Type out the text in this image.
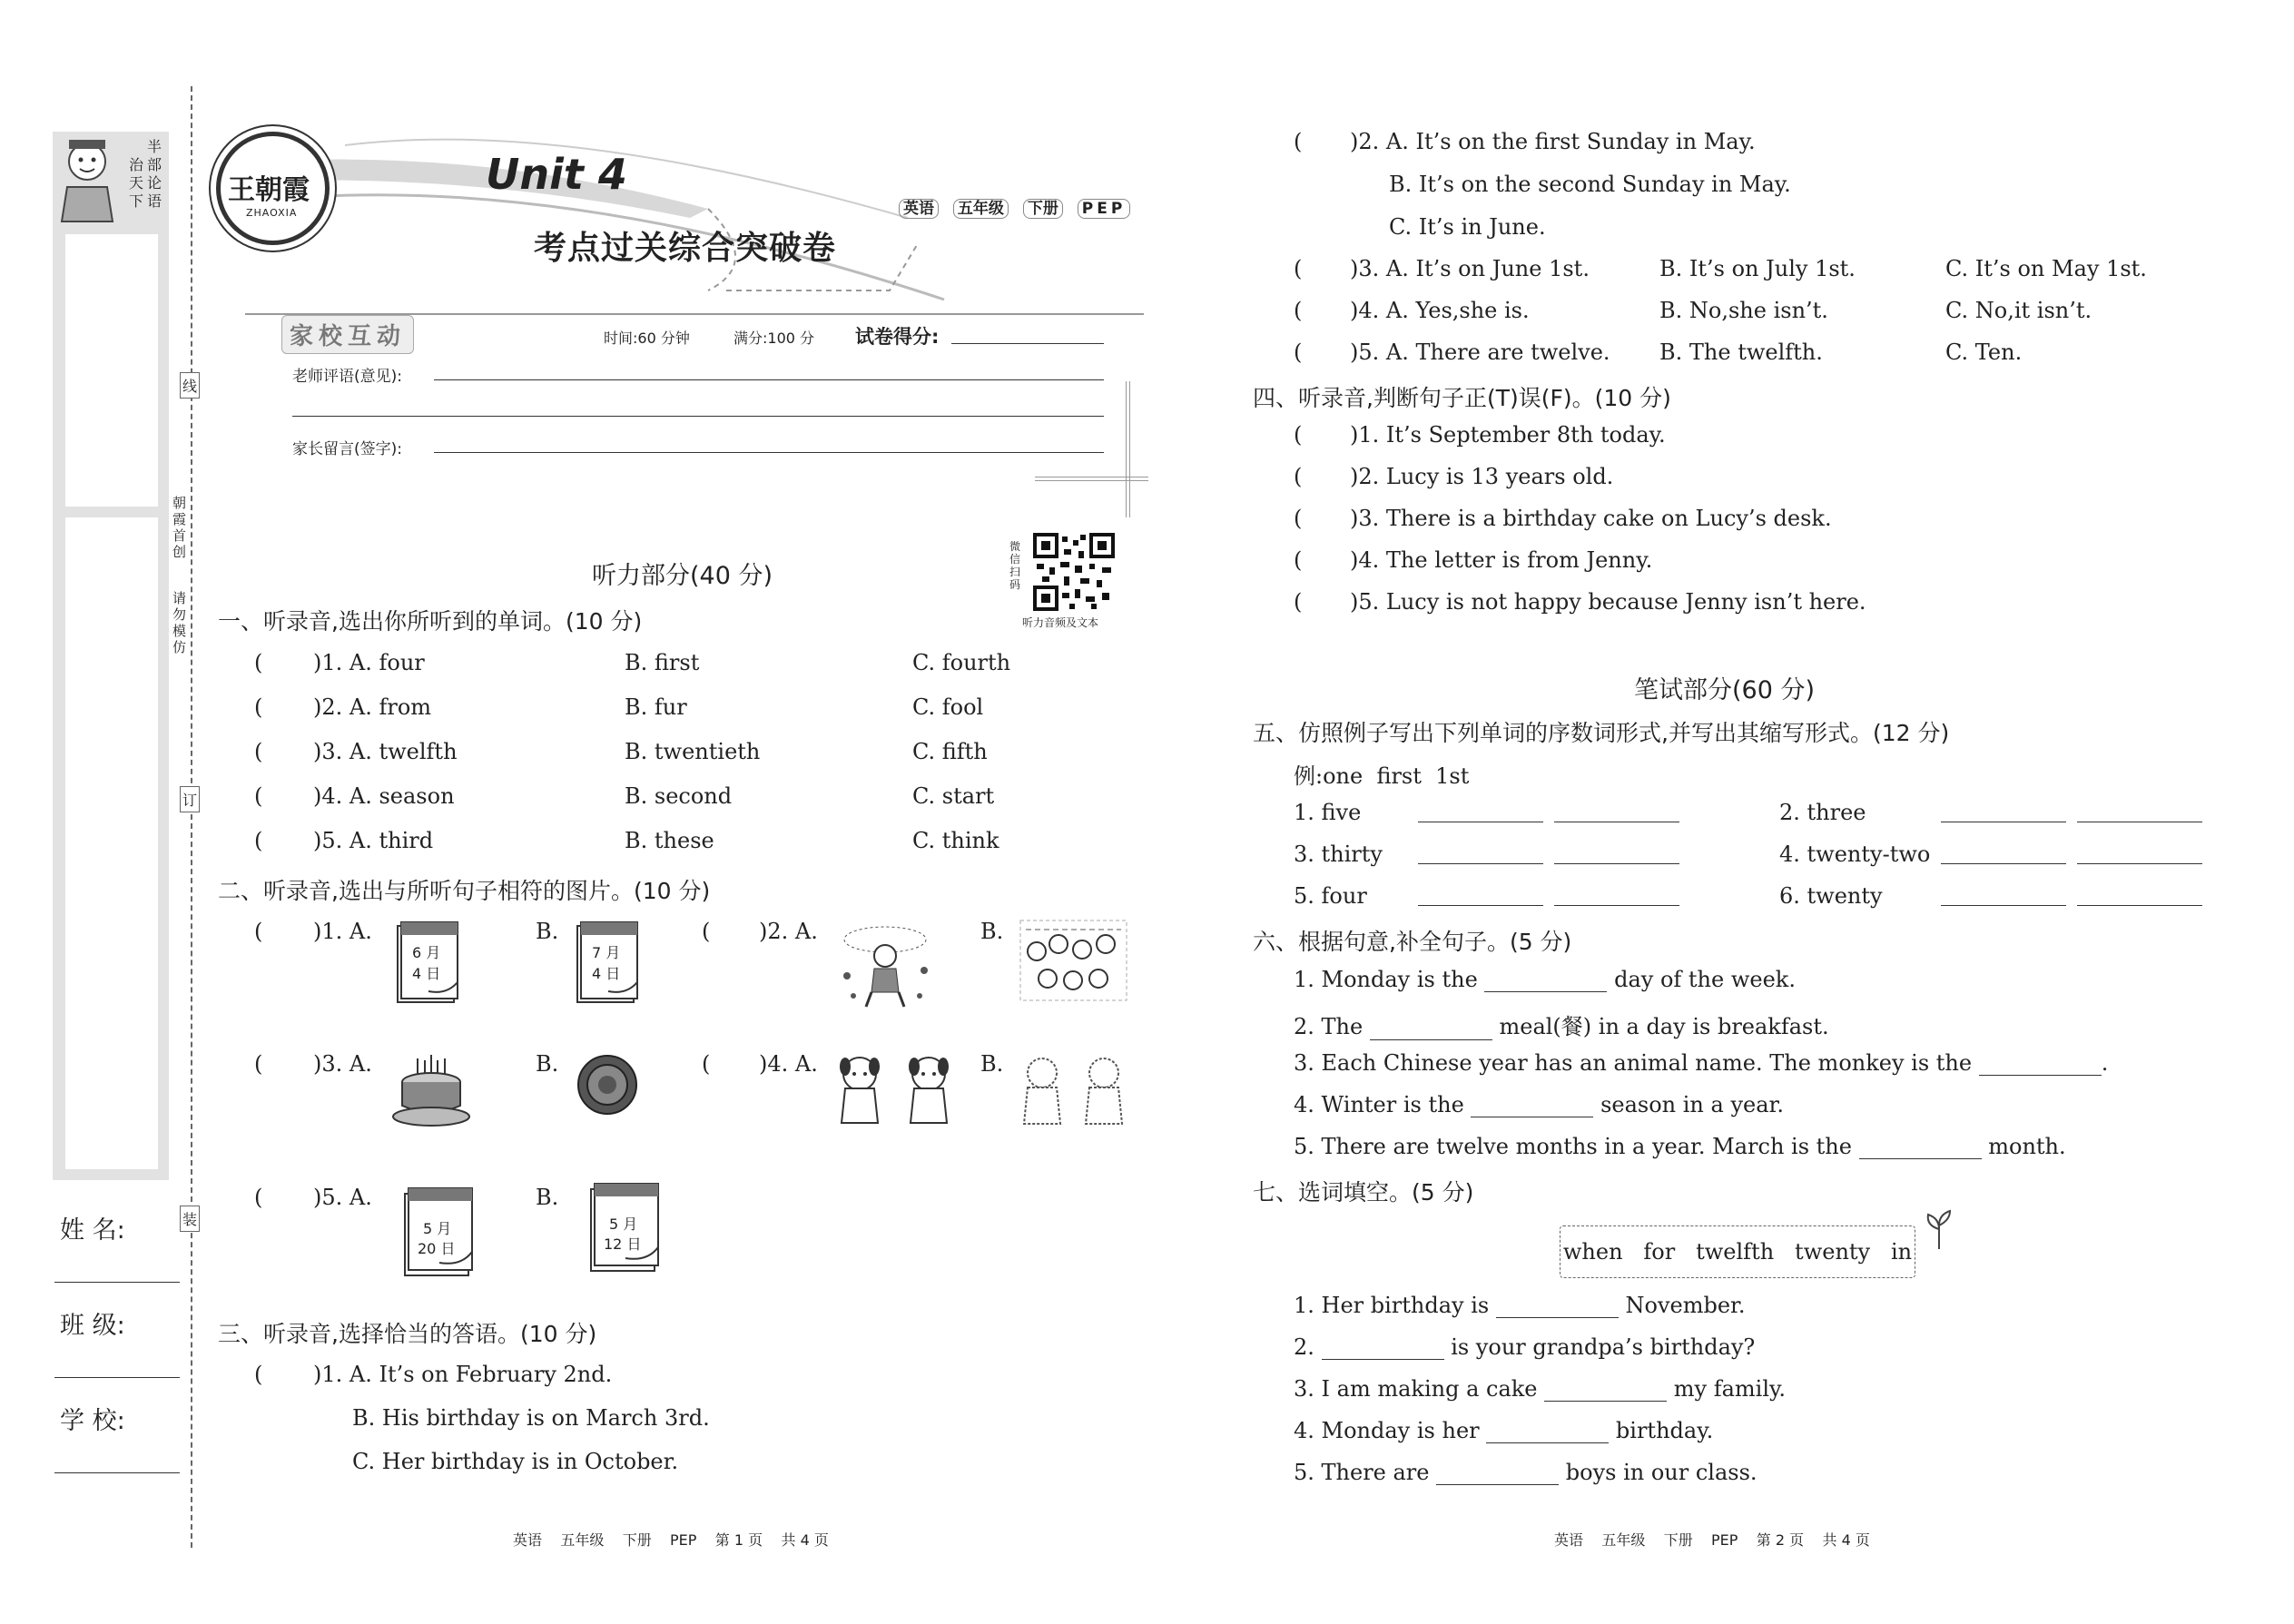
半
部
论
语
治
天
下
姓 名:
班 级:
学 校:
线
订
装
朝霞首创
请勿模仿
王朝霞
ZHAOXIA
Unit 4
考点过关综合突破卷
英语 五年级 下册 PEP
家校互动	时间:60 分钟	满分:100 分 试卷得分:
老师评语(意见):
家长留言(签字):
微信扫码
听力音频及文本
听力部分(40 分)
一、听录音,选出你所听到的单词。(10 分)
( )1. A. four	B. first	C. fourth
( )2. A. from	B. fur	C. fool
( )3. A. twelfth	B. twentieth	C. fifth
( )4. A. season	B. second	C. start
( )5. A. third	B. these	C. think
二、听录音,选出与所听句子相符的图片。(10 分)
( )1. A.
6 月
4 日
B.
7 月
4 日
( )2. A.	B.
( )3. A.	B.	( )4. A.	B.
( )5. A.
5 月
20 日
B.
5 月
12 日
三、听录音,选择恰当的答语。(10 分)
( )1. A. It’s on February 2nd.
B. His birthday is on March 3rd.
C. Her birthday is in October.
英语    五年级    下册    PEP    第 1 页    共 4 页
( )2. A. It’s on the first Sunday in May.
B. It’s on the second Sunday in May.
C. It’s in June.
( )3. A. It’s on June 1st.	B. It’s on July 1st.	C. It’s on May 1st.
( )4. A. Yes,she is.	B. No,she isn’t.	C. No,it isn’t.
( )5. A. There are twelve. B. The twelfth.	C. Ten.
四、听录音,判断句子正(T)误(F)。(10 分)
( )1. It’s September 8th today.
( )2. Lucy is 13 years old.
( )3. There is a birthday cake on Lucy’s desk.
( )4. The letter is from Jenny.
( )5. Lucy is not happy because Jenny isn’t here.
笔试部分(60 分)
五、仿照例子写出下列单词的序数词形式,并写出其缩写形式。(12 分)
例:one  first  1st
1. five	2. three
3. thirty	4. twenty-two
5. four	6. twenty
六、根据句意,补全句子。(5 分)
1. Monday is the	day of the week.
2. The	meal(餐) in a day is breakfast.
3. Each Chinese year has an animal name. The monkey is the	.
4. Winter is the	season in a year.
5. There are twelve months in a year. March is the	month.
七、选词填空。(5 分)
when   for   twelfth   twenty   in
1. Her birthday is	November.
2.	is your grandpa’s birthday?
3. I am making a cake	my family.
4. Monday is her	birthday.
5. There are	boys in our class.
英语    五年级    下册    PEP    第 2 页    共 4 页
